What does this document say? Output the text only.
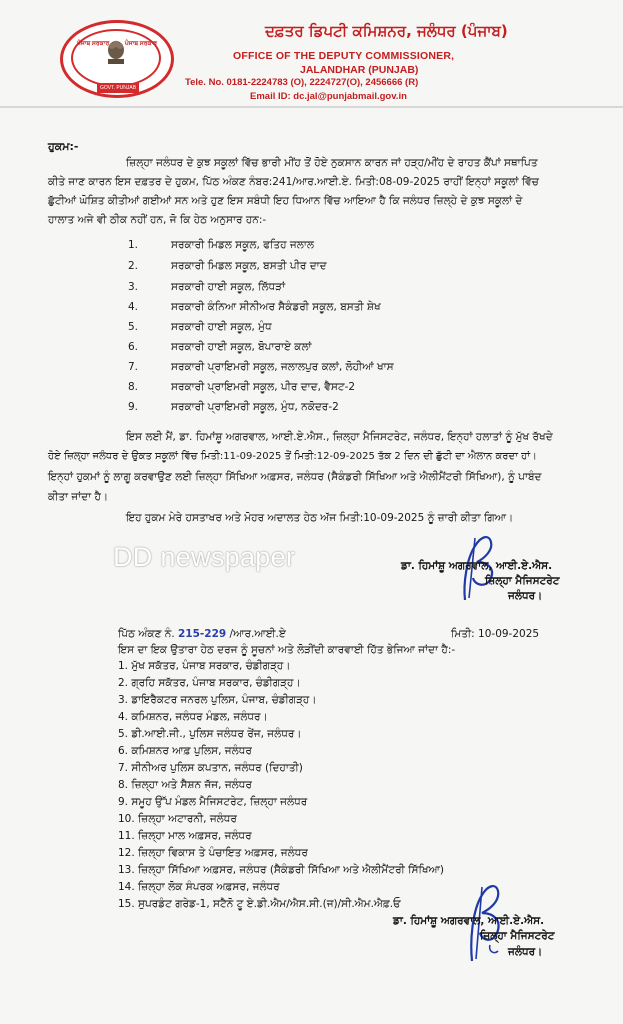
ਪੰਜਾਬ ਸਰਕਾਰ	ਪੰਜਾਬ ਸਰਕਾਰ
GOVT. PUNJAB
ਦਫ਼ਤਰ ਡਿਪਟੀ ਕਮਿਸ਼ਨਰ, ਜਲੰਧਰ (ਪੰਜਾਬ)
OFFICE OF THE DEPUTY COMMISSIONER,
JALANDHAR (PUNJAB)
Tele. No. 0181-2224783 (O), 2224727(O), 2456666 (R)
Email ID: dc.jal@punjabmail.gov.in
ਹੁਕਮ:-
ਜ਼ਿਲ੍ਹਾ ਜਲੰਧਰ ਦੇ ਕੁਝ ਸਕੂਲਾਂ ਵਿੱਚ ਭਾਰੀ ਮੀਂਹ ਤੋਂ ਹੋਏ ਨੁਕਸਾਨ ਕਾਰਨ ਜਾਂ ਹੜ੍ਹ/ਮੀਂਹ ਦੇ ਰਾਹਤ ਕੈਂਪਾਂ ਸਥਾਪਿਤ
ਕੀਤੇ ਜਾਣ ਕਾਰਨ ਇਸ ਦਫ਼ਤਰ ਦੇ ਹੁਕਮ, ਪਿੱਠ ਅੰਕਣ ਨੰਬਰ:241/ਆਰ.ਆਈ.ਏ. ਮਿਤੀ:08-09-2025 ਰਾਹੀਂ ਇਨ੍ਹਾਂ ਸਕੂਲਾਂ ਵਿੱਚ
ਛੁੱਟੀਆਂ ਘੋਸ਼ਿਤ ਕੀਤੀਆਂ ਗਈਆਂ ਸਨ ਅਤੇ ਹੁਣ ਇਸ ਸਬੰਧੀ ਇਹ ਧਿਆਨ ਵਿੱਚ ਆਇਆ ਹੈ ਕਿ ਜਲੰਧਰ ਜ਼ਿਲ੍ਹੇ ਦੇ ਕੁਝ ਸਕੂਲਾਂ ਦੇ
ਹਾਲਾਤ ਅਜੇ ਵੀ ਠੀਕ ਨਹੀਂ ਹਨ, ਜੋ ਕਿ ਹੇਠ ਅਨੁਸਾਰ ਹਨ:-
1.	ਸਰਕਾਰੀ ਮਿਡਲ ਸਕੂਲ, ਫਤਿਹ ਜਲਾਲ
2.	ਸਰਕਾਰੀ ਮਿਡਲ ਸਕੂਲ, ਬਸਤੀ ਪੀਰ ਦਾਦ
3.	ਸਰਕਾਰੀ ਹਾਈ ਸਕੂਲ, ਲਿੱਧੜਾਂ
4.	ਸਰਕਾਰੀ ਕੰਨਿਆ ਸੀਨੀਅਰ ਸੈਕੰਡਰੀ ਸਕੂਲ, ਬਸਤੀ ਸ਼ੇਖ
5.	ਸਰਕਾਰੀ ਹਾਈ ਸਕੂਲ, ਮੁੰਧ
6.	ਸਰਕਾਰੀ ਹਾਈ ਸਕੂਲ, ਬੋਪਾਰਾਏ ਕਲਾਂ
7.	ਸਰਕਾਰੀ ਪ੍ਰਾਇਮਰੀ ਸਕੂਲ, ਜਲਾਲਪੁਰ ਕਲਾਂ, ਲੋਹੀਆਂ ਖਾਸ
8.	ਸਰਕਾਰੀ ਪ੍ਰਾਇਮਰੀ ਸਕੂਲ, ਪੀਰ ਦਾਦ, ਵੈਸਟ-2
9.	ਸਰਕਾਰੀ ਪ੍ਰਾਇਮਰੀ ਸਕੂਲ, ਮੁੰਧ, ਨਕੋਦਰ-2
ਇਸ ਲਈ ਮੈਂ, ਡਾ. ਹਿਮਾਂਸ਼ੂ ਅਗਰਵਾਲ, ਆਈ.ਏ.ਐਸ., ਜ਼ਿਲ੍ਹਾ ਮੈਜਿਸਟਰੇਟ, ਜਲੰਧਰ, ਇਨ੍ਹਾਂ ਹਲਾਤਾਂ ਨੂੰ ਮੁੱਖ ਰੱਖਦੇ
ਹੋਏ ਜ਼ਿਲ੍ਹਾ ਜਲੰਧਰ ਦੇ ਉਕਤ ਸਕੂਲਾਂ ਵਿੱਚ ਮਿਤੀ:11-09-2025 ਤੋਂ ਮਿਤੀ:12-09-2025 ਤੱਕ 2 ਦਿਨ ਦੀ ਛੁੱਟੀ ਦਾ ਐਲਾਨ ਕਰਦਾ ਹਾਂ।
ਇਨ੍ਹਾਂ ਹੁਕਮਾਂ ਨੂੰ ਲਾਗੂ ਕਰਵਾਉਣ ਲਈ ਜ਼ਿਲ੍ਹਾ ਸਿੱਖਿਆ ਅਫ਼ਸਰ, ਜਲੰਧਰ (ਸੈਕੰਡਰੀ ਸਿੱਖਿਆ ਅਤੇ ਐਲੀਮੈਂਟਰੀ ਸਿੱਖਿਆ), ਨੂੰ ਪਾਬੰਦ
ਕੀਤਾ ਜਾਂਦਾ ਹੈ।
ਇਹ ਹੁਕਮ ਮੇਰੇ ਹਸਤਾਖਰ ਅਤੇ ਮੋਹਰ ਅਦਾਲਤ ਹੇਠ ਅੱਜ ਮਿਤੀ:10-09-2025 ਨੂੰ ਜ਼ਾਰੀ ਕੀਤਾ ਗਿਆ।
DD newspaper	ਡਾ. ਹਿਮਾਂਸ਼ੂ ਅਗਰਵਾਲ, ਆਈ.ਏ.ਐਸ.
ਜ਼ਿਲ੍ਹਾ ਮੈਜਿਸਟਰੇਟ
ਜਲੰਧਰ।
ਪਿੱਠ ਅੰਕਣ ਨੰ. 215-229 /ਆਰ.ਆਈ.ਏ	ਮਿਤੀ: 10-09-2025
ਇਸ ਦਾ ਇਕ ਉਤਾਰਾ ਹੇਠ ਦਰਜ ਨੂੰ ਸੂਚਨਾਂ ਅਤੇ ਲੋੜੀਂਦੀ ਕਾਰਵਾਈ ਹਿੱਤ ਭੇਜਿਆ ਜਾਂਦਾ ਹੈ:-
1. ਮੁੱਖ ਸਕੱਤਰ, ਪੰਜਾਬ ਸਰਕਾਰ, ਚੰਡੀਗੜ੍ਹ।
2. ਗ੍ਰਹਿ ਸਕੱਤਰ, ਪੰਜਾਬ ਸਰਕਾਰ, ਚੰਡੀਗੜ੍ਹ।
3. ਡਾਇਰੈਕਟਰ ਜਨਰਲ ਪੁਲਿਸ, ਪੰਜਾਬ, ਚੰਡੀਗੜ੍ਹ।
4. ਕਮਿਸ਼ਨਰ, ਜਲੰਧਰ ਮੰਡਲ, ਜਲੰਧਰ।
5. ਡੀ.ਆਈ.ਜੀ., ਪੁਲਿਸ ਜਲੰਧਰ ਰੇਂਜ, ਜਲੰਧਰ।
6. ਕਮਿਸ਼ਨਰ ਆਫ਼ ਪੁਲਿਸ, ਜਲੰਧਰ
7. ਸੀਨੀਅਰ ਪੁਲਿਸ ਕਪਤਾਨ, ਜਲੰਧਰ (ਦਿਹਾਤੀ)
8. ਜ਼ਿਲ੍ਹਾ ਅਤੇ ਸੈਸ਼ਨ ਜੱਜ, ਜਲੰਧਰ
9. ਸਮੂਹ ਉੱਪ ਮੰਡਲ ਮੈਜਿਸਟਰੇਟ, ਜ਼ਿਲ੍ਹਾ ਜਲੰਧਰ
10. ਜ਼ਿਲ੍ਹਾ ਅਟਾਰਨੀ, ਜਲੰਧਰ
11. ਜ਼ਿਲ੍ਹਾ ਮਾਲ ਅਫ਼ਸਰ, ਜਲੰਧਰ
12. ਜ਼ਿਲ੍ਹਾ ਵਿਕਾਸ ਤੇ ਪੰਚਾਇਤ ਅਫ਼ਸਰ, ਜਲੰਧਰ
13. ਜ਼ਿਲ੍ਹਾ ਸਿੱਖਿਆ ਅਫ਼ਸਰ, ਜਲੰਧਰ (ਸੈਕੰਡਰੀ ਸਿੱਖਿਆ ਅਤੇ ਐਲੀਮੈਂਟਰੀ ਸਿੱਖਿਆ)
14. ਜ਼ਿਲ੍ਹਾ ਲੋਕ ਸੰਪਰਕ ਅਫ਼ਸਰ, ਜਲੰਧਰ
15. ਸੁਪਰਡੰਟ ਗਰੇਡ-1, ਸਟੈਨੋ ਟੂ ਏ.ਡੀ.ਐਮ/ਐਸ.ਸੀ.(ਜ)/ਸੀ.ਐਮ.ਐਫ਼.ਓ
ਡਾ. ਹਿਮਾਂਸ਼ੂ ਅਗਰਵਾਲ, ਆਈ.ਏ.ਐਸ.
ਜ਼ਿਲ੍ਹਾ ਮੈਜਿਸਟਰੇਟ
ਜਲੰਧਰ।
